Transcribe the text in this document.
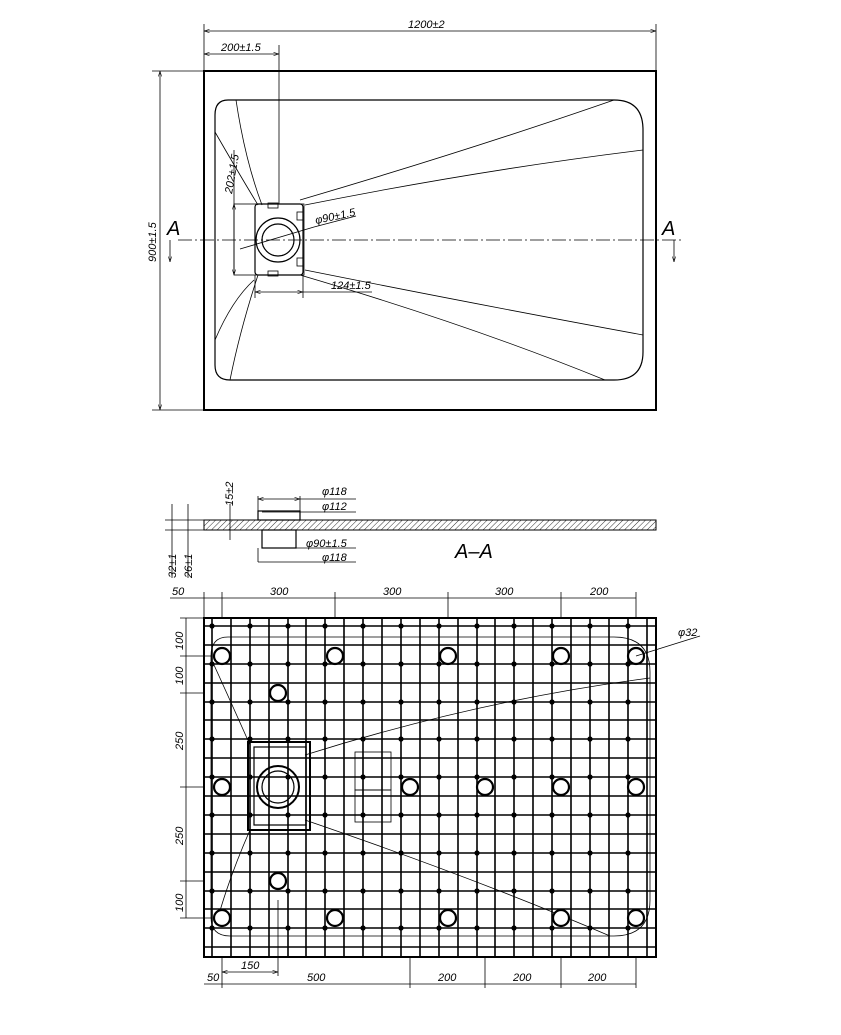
A	A
1200±2
200±1.5
900±1.5
202±1.5
φ90±1.5
124±1.5
φ118
φ112
φ90±1.5
φ118
15±2
32±1 26±1
A–A
φ32
50	300	300	300	200
100
100
250
250
100
50
150
500	200	200	200
